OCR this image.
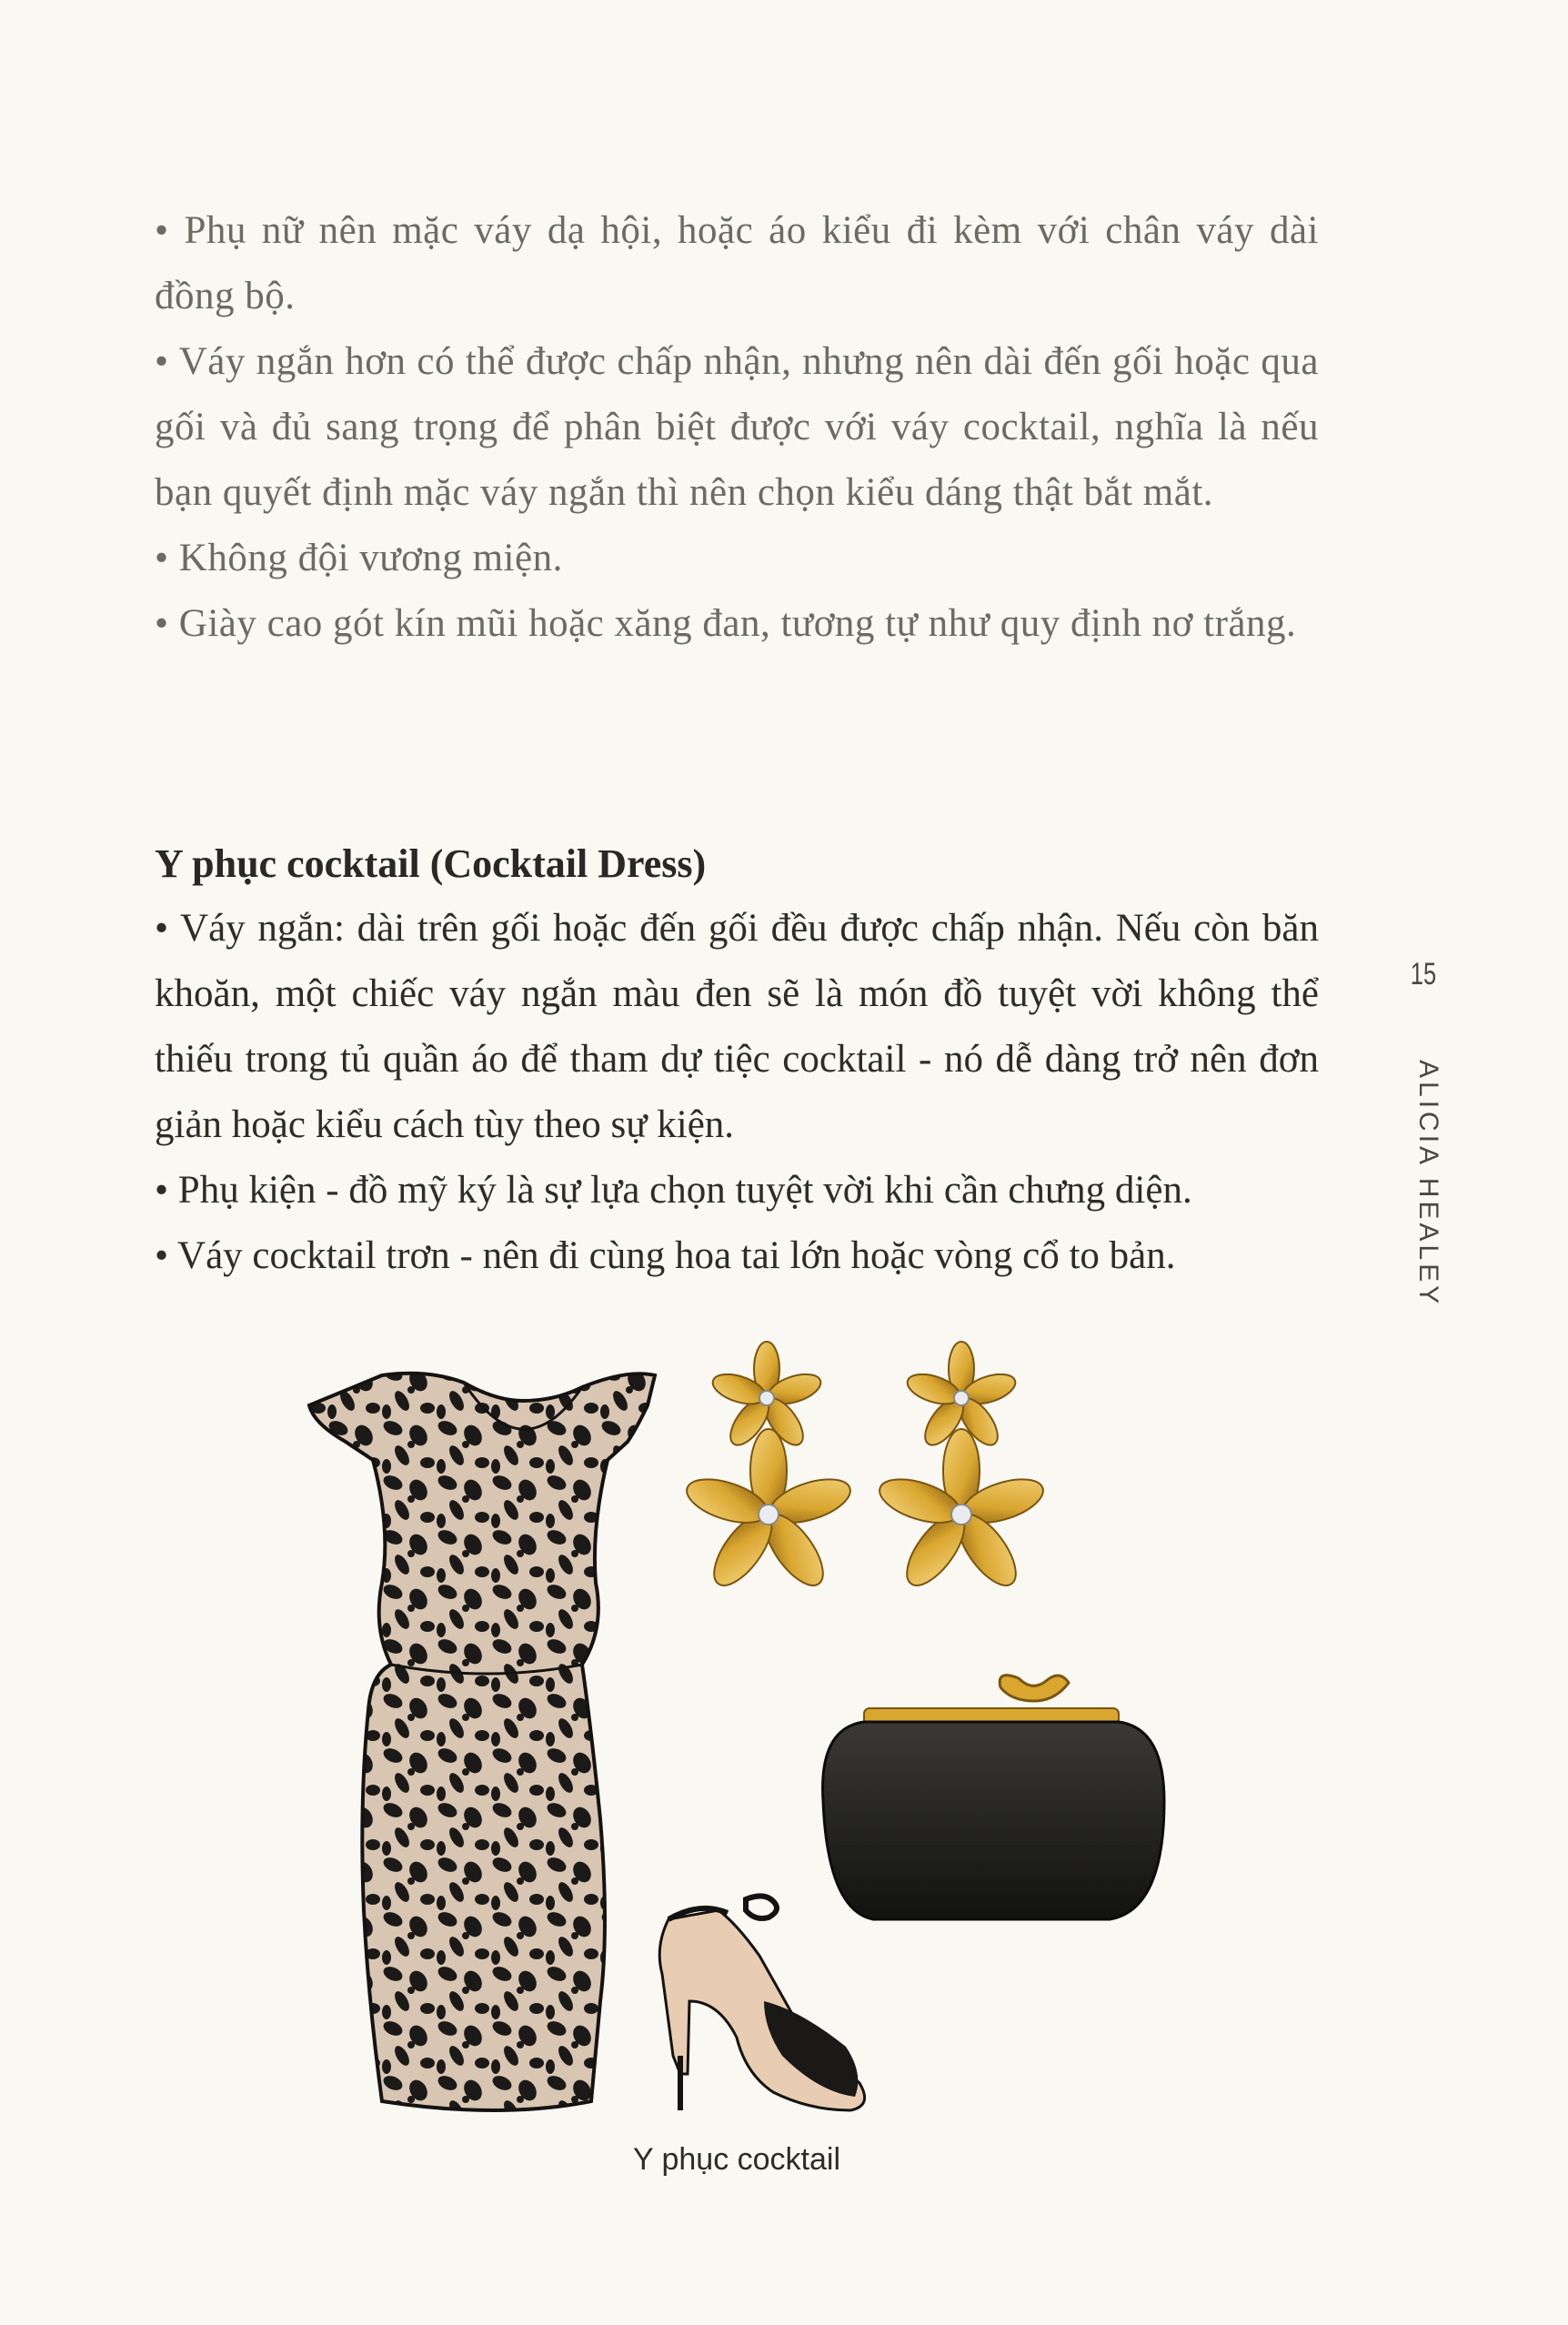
• Phụ nữ nên mặc váy dạ hội, hoặc áo kiểu đi kèm với chân váy dài đồng bộ.

• Váy ngắn hơn có thể được chấp nhận, nhưng nên dài đến gối hoặc qua gối và đủ sang trọng để phân biệt được với váy cocktail, nghĩa là nếu bạn quyết định mặc váy ngắn thì nên chọn kiểu dáng thật bắt mắt.

• Không đội vương miện.

• Giày cao gót kín mũi hoặc xăng đan, tương tự như quy định nơ trắng.

Y phục cocktail (Cocktail Dress)

• Váy ngắn: dài trên gối hoặc đến gối đều được chấp nhận. Nếu còn băn khoăn, một chiếc váy ngắn màu đen sẽ là món đồ tuyệt vời không thể thiếu trong tủ quần áo để tham dự tiệc cocktail - nó dễ dàng trở nên đơn giản hoặc kiểu cách tùy theo sự kiện.

• Phụ kiện - đồ mỹ ký là sự lựa chọn tuyệt vời khi cần chưng diện.

• Váy cocktail trơn - nên đi cùng hoa tai lớn hoặc vòng cổ to bản.

15
ALICIA HEALEY
Y phục cocktail
